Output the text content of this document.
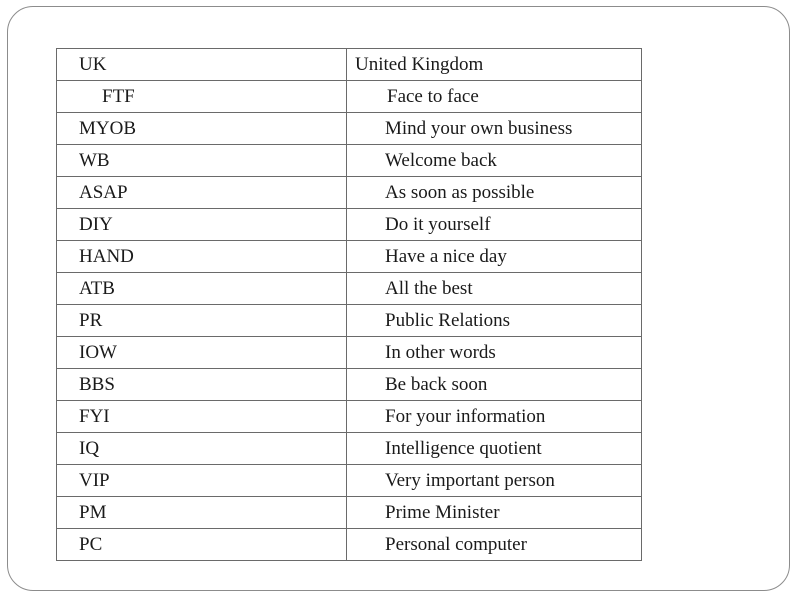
UK	United Kingdom
FTF	Face to face
MYOB	Mind your own business
WB	Welcome back
ASAP	As soon as possible
DIY	Do it yourself
HAND	Have a nice day
ATB	All the best
PR	Public Relations
IOW	In other words
BBS	Be back soon
FYI	For your information
IQ	Intelligence quotient
VIP	Very important person
PM	Prime Minister
PC	Personal computer
